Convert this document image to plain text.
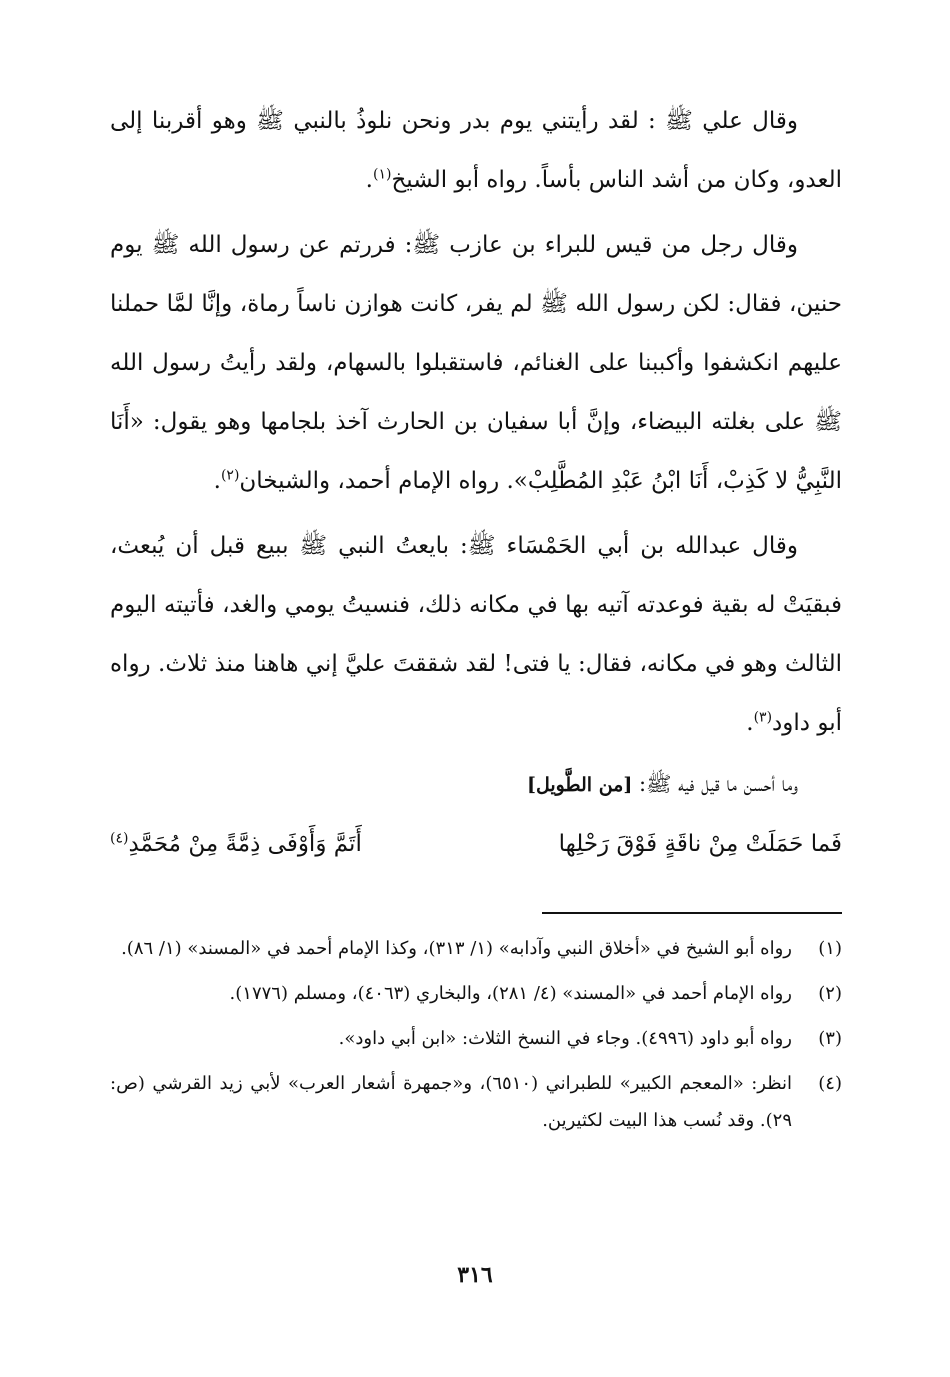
وقال علي ﷺ : لقد رأيتني يوم بدر ونحن نلوذُ بالنبي ﷺ وهو أقربنا إلى العدو، وكان من أشد الناس بأساً. رواه أبو الشيخ$^{(١)}$.

وقال رجل من قيس للبراء بن عازب ﷺ: فررتم عن رسول الله ﷺ يوم حنين، فقال: لكن رسول الله ﷺ لم يفر، كانت هوازن ناساً رماة، وإنَّا لمَّا حملنا عليهم انكشفوا وأكببنا على الغنائم، فاستقبلوا بالسهام، ولقد رأيتُ رسول الله ﷺ على بغلته البيضاء، وإنَّ أبا سفيان بن الحارث آخذ بلجامها وهو يقول: «أَنَا النَّبِيُّ لا كَذِبْ، أَنَا ابْنُ عَبْدِ المُطَّلِبْ». رواه الإمام أحمد، والشيخان$^{(٢)}$.

وقال عبدالله بن أبي الحَمْسَاء ﷺ: بايعتُ النبي ﷺ ببيع قبل أن يُبعث، فبقيَتْ له بقية فوعدته آتيه بها في مكانه ذلك، فنسيتُ يومي والغد، فأتيته اليوم الثالث وهو في مكانه، فقال: يا فتى! لقد شققتَ عليَّ إني هاهنا منذ ثلاث. رواه أبو داود$^{(٣)}$.

وما أحسن ما قيل فيه ﷺ: [من الطَّويل]

فَما حَمَلَتْ مِنْ ناقَةٍ فَوْقَ رَحْلِها
أَتَمَّ وَأَوْفَى ذِمَّةً مِنْ مُحَمَّدِ$^{(٤)}$
(١)
رواه أبو الشيخ في «أخلاق النبي وآدابه» (١/ ٣١٣)، وكذا الإمام أحمد في «المسند» (١/ ٨٦).
(٢)
رواه الإمام أحمد في «المسند» (٤/ ٢٨١)، والبخاري (٤٠٦٣)، ومسلم (١٧٧٦).
(٣)
رواه أبو داود (٤٩٩٦). وجاء في النسخ الثلاث: «ابن أبي داود».
(٤)
انظر: «المعجم الكبير» للطبراني (٦٥١٠)، و«جمهرة أشعار العرب» لأبي زيد القرشي (ص: ٢٩). وقد نُسب هذا البيت لكثيرين.
٣١٦
